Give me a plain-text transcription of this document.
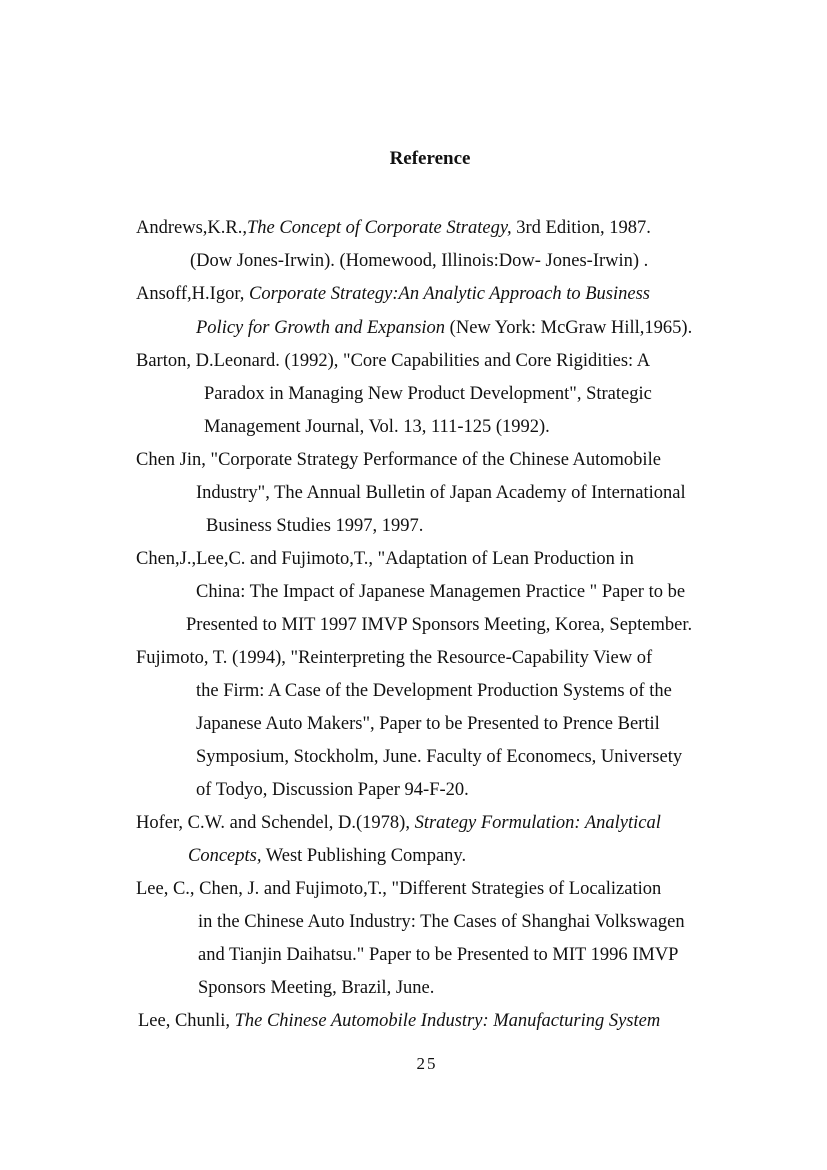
Reference
Andrews,K.R.,The Concept of Corporate Strategy, 3rd Edition, 1987.
(Dow Jones-Irwin). (Homewood, Illinois:Dow- Jones-Irwin) .
Ansoff,H.Igor, Corporate Strategy:An Analytic Approach to Business
Policy for Growth and Expansion (New York: McGraw Hill,1965).
Barton, D.Leonard. (1992), "Core Capabilities and Core Rigidities: A
Paradox in Managing New Product Development", Strategic
Management Journal, Vol. 13, 111-125 (1992).
Chen Jin, "Corporate Strategy Performance of the Chinese Automobile
Industry", The Annual Bulletin of Japan Academy of International
Business Studies 1997, 1997.
Chen,J.,Lee,C. and Fujimoto,T., "Adaptation of Lean Production in
China: The Impact of Japanese Managemen Practice " Paper to be
Presented to MIT 1997 IMVP Sponsors Meeting, Korea, September.
Fujimoto, T. (1994), "Reinterpreting the Resource-Capability View of
the Firm: A Case of the Development Production Systems of the
Japanese Auto Makers", Paper to be Presented to Prence Bertil
Symposium, Stockholm, June. Faculty of Economecs, Universety
of Todyo, Discussion Paper 94-F-20.
Hofer, C.W. and Schendel, D.(1978), Strategy Formulation: Analytical
Concepts, West Publishing Company.
Lee, C., Chen, J. and Fujimoto,T., "Different Strategies of Localization
in the Chinese Auto Industry: The Cases of Shanghai Volkswagen
and Tianjin Daihatsu." Paper to be Presented to MIT 1996 IMVP
Sponsors Meeting, Brazil, June.
Lee, Chunli, The Chinese Automobile Industry: Manufacturing System
25
